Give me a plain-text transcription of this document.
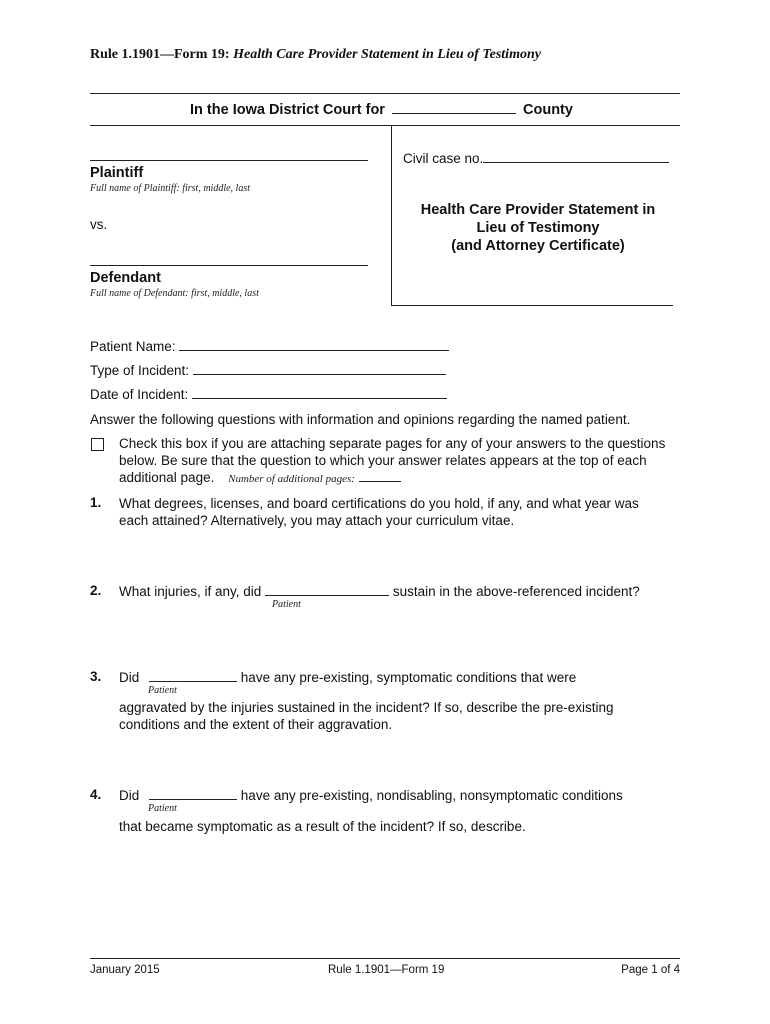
Rule 1.1901—Form 19: Health Care Provider Statement in Lieu of Testimony
In the Iowa District Court for	County
Plaintiff
Full name of Plaintiff: first, middle, last
vs.
Defendant
Full name of Defendant: first, middle, last
Civil case no.
Health Care Provider Statement in
Lieu of Testimony
(and Attorney Certificate)
Patient Name:
Type of Incident:
Date of Incident:
Answer the following questions with information and opinions regarding the named patient.
Check this box if you are attaching separate pages for any of your answers to the questions
below. Be sure that the question to which your answer relates appears at the top of each
additional page. Number of additional pages:
1. What degrees, licenses, and board certifications do you hold, if any, and what year was
each attained? Alternatively, you may attach your curriculum vitae.
2. What injuries, if any, did	sustain in the above-referenced incident?
Patient
3. Did	have any pre-existing, symptomatic conditions that were
Patient
aggravated by the injuries sustained in the incident? If so, describe the pre-existing
conditions and the extent of their aggravation.
4. Did	have any pre-existing, nondisabling, nonsymptomatic conditions
Patient
that became symptomatic as a result of the incident? If so, describe.
January 2015	Rule 1.1901—Form 19	Page 1 of 4
